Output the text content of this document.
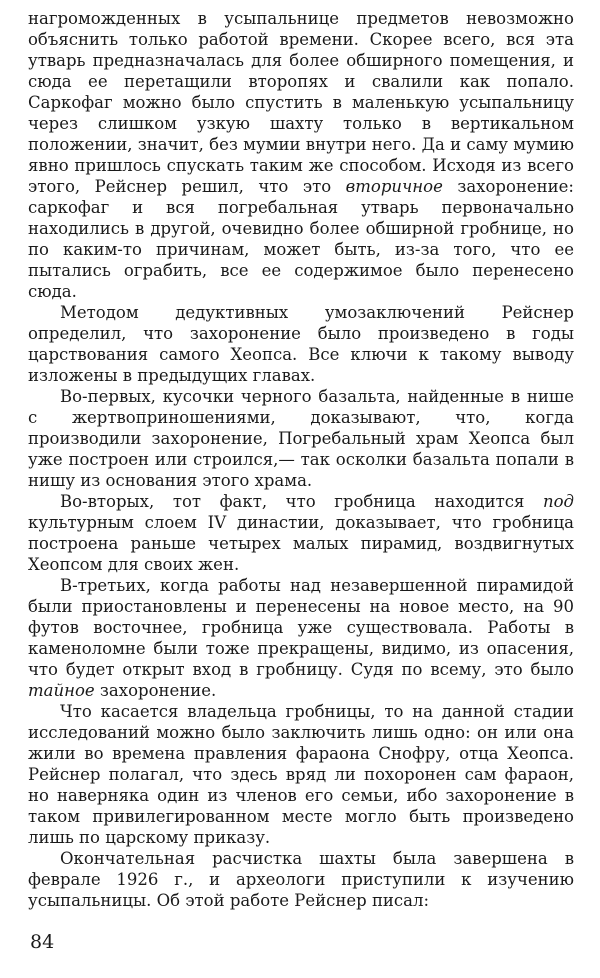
нагроможденных в усыпальнице предметов невозможно объяснить только работой времени. Скорее всего, вся эта утварь предназначалась для более обширного помещения, и сюда ее перетащили второпях и свалили как попало. Саркофаг можно было спустить в маленькую усыпальницу через слишком узкую шахту только в вертикальном положении, значит, без мумии внутри него. Да и саму мумию явно пришлось спускать таким же способом. Исходя из всего этого, Рейснер решил, что это вторичное захоронение: саркофаг и вся погребальная утварь первоначально находились в другой, очевидно более обширной гробнице, но по каким-то причинам, может быть, из-за того, что ее пытались ограбить, все ее содержимое было перенесено сюда.

Методом дедуктивных умозаключений Рейснер определил, что захоронение было произведено в годы царствования самого Хеопса. Все ключи к такому выводу изложены в предыдущих главах.

Во-первых, кусочки черного базальта, найденные в нише с жертвоприношениями, доказывают, что, когда производили захоронение, Погребальный храм Хеопса был уже построен или строился,— так осколки базальта попали в нишу из основания этого храма.

Во-вторых, тот факт, что гробница находится под культурным слоем IV династии, доказывает, что гробница построена раньше четырех малых пирамид, воздвигнутых Хеопсом для своих жен.

В-третьих, когда работы над незавершенной пирамидой были приостановлены и перенесены на новое место, на 90 футов восточнее, гробница уже существовала. Работы в каменоломне были тоже прекращены, видимо, из опасения, что будет открыт вход в гробницу. Судя по всему, это было тайное захоронение.

Что касается владельца гробницы, то на данной стадии исследований можно было заключить лишь одно: он или она жили во времена правления фараона Снофру, отца Хеопса. Рейснер полагал, что здесь вряд ли похоронен сам фараон, но наверняка один из членов его семьи, ибо захоронение в таком привилегированном месте могло быть произведено лишь по царскому приказу.

Окончательная расчистка шахты была завершена в феврале 1926 г., и археологи приступили к изучению усыпальницы. Об этой работе Рейснер писал:

84
